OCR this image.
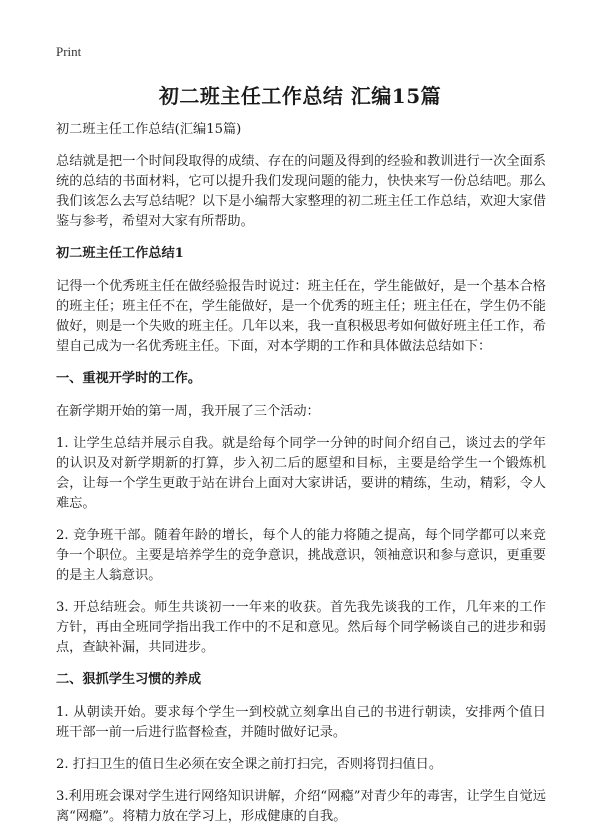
Print
初二班主任工作总结 汇编15篇

初二班主任工作总结(汇编15篇)

总结就是把一个时间段取得的成绩、存在的问题及得到的经验和教训进行一次全面系统的总结的书面材料，它可以提升我们发现问题的能力，快快来写一份总结吧。那么我们该怎么去写总结呢？以下是小编帮大家整理的初二班主任工作总结，欢迎大家借鉴与参考，希望对大家有所帮助。

初二班主任工作总结1

记得一个优秀班主任在做经验报告时说过：班主任在，学生能做好，是一个基本合格的班主任；班主任不在，学生能做好，是一个优秀的班主任；班主任在，学生仍不能做好，则是一个失败的班主任。几年以来，我一直积极思考如何做好班主任工作，希望自己成为一名优秀班主任。下面，对本学期的工作和具体做法总结如下：

一、重视开学时的工作。

在新学期开始的第一周，我开展了三个活动：

1. 让学生总结并展示自我。就是给每个同学一分钟的时间介绍自己，谈过去的学年的认识及对新学期新的打算，步入初二后的愿望和目标，主要是给学生一个锻炼机会，让每一个学生更敢于站在讲台上面对大家讲话，要讲的精练，生动，精彩，令人难忘。

2. 竞争班干部。随着年龄的增长，每个人的能力将随之提高，每个同学都可以来竞争一个职位。主要是培养学生的竞争意识，挑战意识，领袖意识和参与意识，更重要的是主人翁意识。

3. 开总结班会。师生共谈初一一年来的收获。首先我先谈我的工作，几年来的工作方针，再由全班同学指出我工作中的不足和意见。然后每个同学畅谈自己的进步和弱点，查缺补漏，共同进步。

二、狠抓学生习惯的养成

1. 从朝读开始。要求每个学生一到校就立刻拿出自己的书进行朝读，安排两个值日班干部一前一后进行监督检查，并随时做好记录。

2. 打扫卫生的值日生必须在安全课之前打扫完，否则将罚扫值日。

3.利用班会课对学生进行网络知识讲解，介绍“网瘾”对青少年的毒害，让学生自觉远离“网瘾”。将精力放在学习上，形成健康的自我。
